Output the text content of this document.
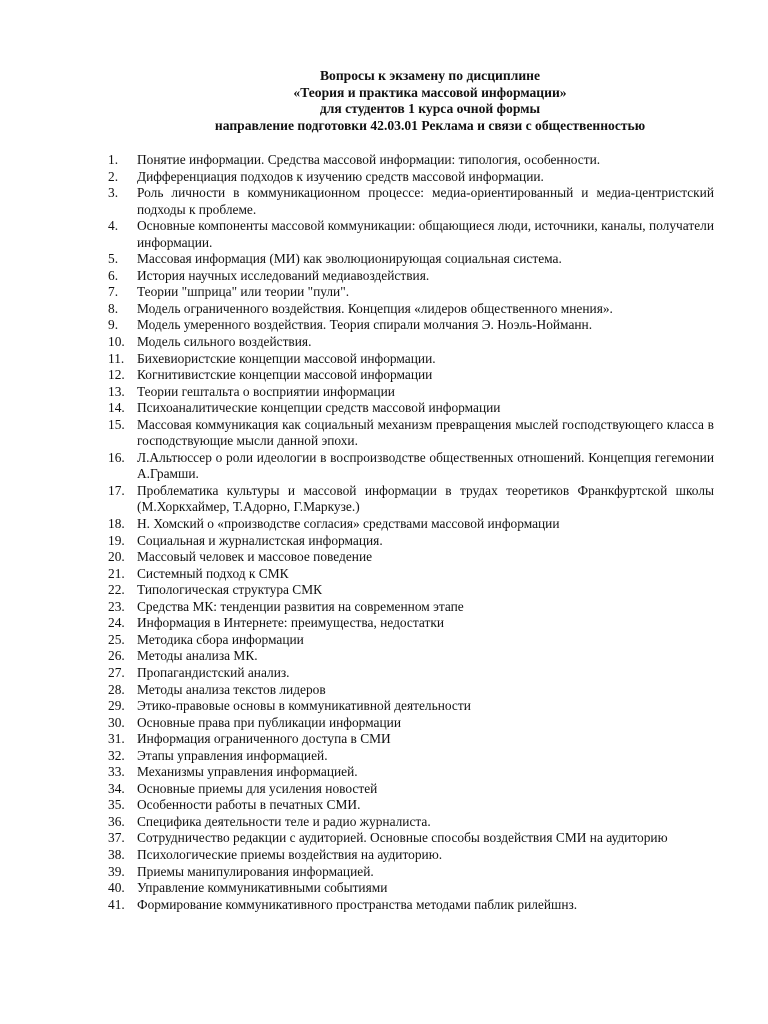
Вопросы к экзамену по дисциплине
«Теория и практика массовой информации»
для студентов 1 курса очной формы
направление подготовки 42.03.01 Реклама и связи с общественностью
1. Понятие информации. Средства массовой информации: типология, особенности.
2. Дифференциация подходов к изучению средств массовой информации.
3. Роль личности в коммуникационном процессе: медиа-ориентированный и медиа-центристский подходы к проблеме.
4. Основные компоненты массовой коммуникации: общающиеся люди, источники, каналы, получатели информации.
5. Массовая информация (МИ) как эволюционирующая социальная система.
6. История научных исследований медиавоздействия.
7. Теории "шприца" или теории "пули".
8. Модель ограниченного воздействия. Концепция «лидеров общественного мнения».
9. Модель умеренного воздействия. Теория спирали молчания Э. Ноэль-Нойманн.
10. Модель сильного воздействия.
11. Бихевиористские концепции массовой информации.
12. Когнитивистские концепции массовой информации
13. Теории гештальта о восприятии информации
14. Психоаналитические концепции средств массовой информации
15. Массовая коммуникация как социальный механизм превращения мыслей господствующего класса в господствующие мысли данной эпохи.
16. Л.Альтюссер о роли идеологии в воспроизводстве общественных отношений. Концепция гегемонии А.Грамши.
17. Проблематика культуры и массовой информации в трудах теоретиков Франкфуртской школы (М.Хоркхаймер, Т.Адорно, Г.Маркузе.)
18. Н. Хомский о «производстве согласия» средствами массовой информации
19. Социальная и журналистская информация.
20. Массовый человек и массовое поведение
21. Системный подход к СМК
22. Типологическая структура СМК
23. Средства МК: тенденции развития на современном этапе
24. Информация в Интернете: преимущества, недостатки
25. Методика сбора информации
26. Методы анализа МК.
27. Пропагандистский анализ.
28. Методы анализа текстов лидеров
29. Этико-правовые основы в коммуникативной деятельности
30. Основные права при публикации информации
31. Информация ограниченного доступа в СМИ
32. Этапы управления информацией.
33. Механизмы управления информацией.
34. Основные приемы для усиления новостей
35. Особенности работы в печатных СМИ.
36. Специфика деятельности теле и радио журналиста.
37. Сотрудничество редакции с аудиторией. Основные способы воздействия СМИ на аудиторию
38. Психологические приемы воздействия на аудиторию.
39. Приемы манипулирования информацией.
40. Управление коммуникативными событиями
41. Формирование коммуникативного пространства методами паблик рилейшнз.
